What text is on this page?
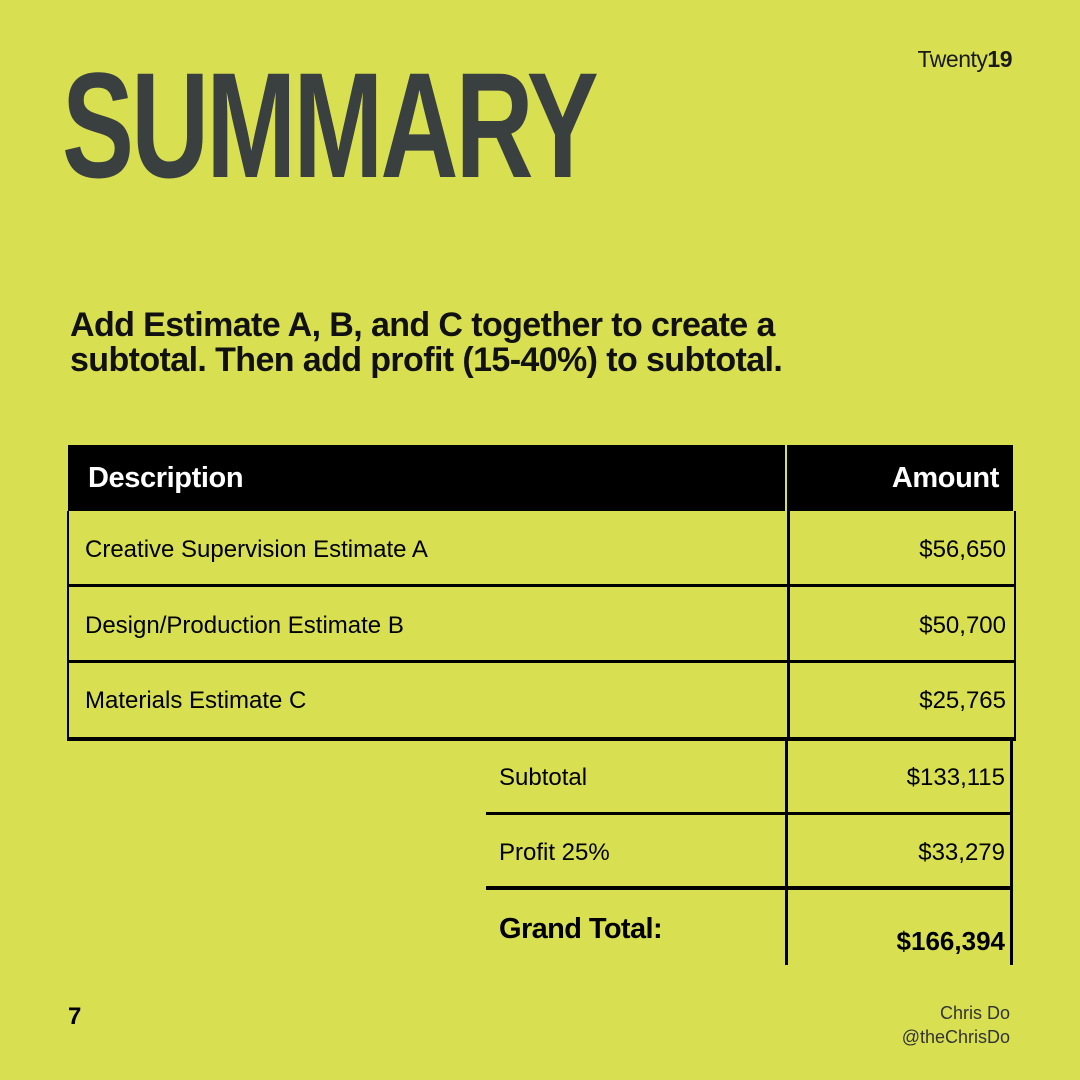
Twenty19
SUMMARY
Add Estimate A, B, and C together to create a subtotal. Then add profit (15-40%) to subtotal.
Description	Amount
Creative Supervision Estimate A	$56,650
Design/Production Estimate B	$50,700
Materials Estimate C	$25,765
Subtotal	$133,115
Profit 25%	$33,279
Grand Total:	$166,394
7	Chris Do
@theChrisDo
